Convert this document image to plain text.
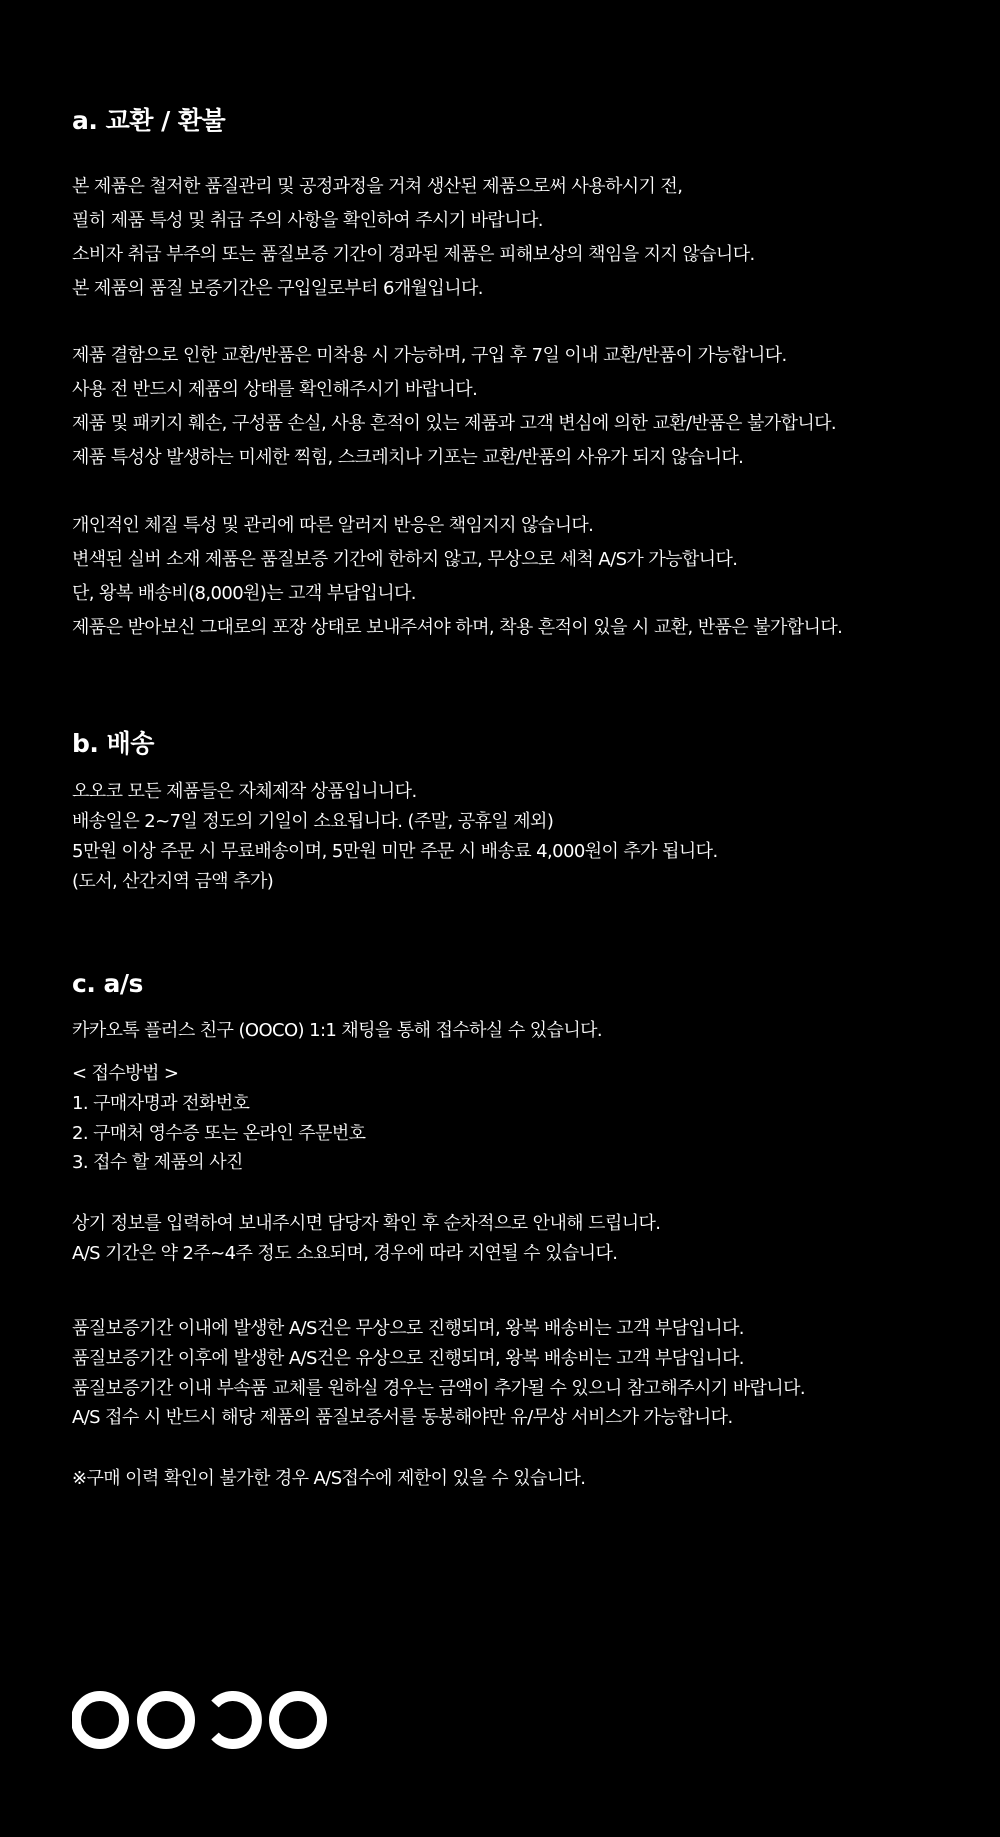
a. 교환 / 환불
본 제품은 철저한 품질관리 및 공정과정을 거쳐 생산된 제품으로써 사용하시기 전,
필히 제품 특성 및 취급 주의 사항을 확인하여 주시기 바랍니다.
소비자 취급 부주의 또는 품질보증 기간이 경과된 제품은 피해보상의 책임을 지지 않습니다.
본 제품의 품질 보증기간은 구입일로부터 6개월입니다.
제품 결함으로 인한 교환/반품은 미착용 시 가능하며, 구입 후 7일 이내 교환/반품이 가능합니다.
사용 전 반드시 제품의 상태를 확인해주시기 바랍니다.
제품 및 패키지 훼손, 구성품 손실, 사용 흔적이 있는 제품과 고객 변심에 의한 교환/반품은 불가합니다.
제품 특성상 발생하는 미세한 찍힘, 스크레치나 기포는 교환/반품의 사유가 되지 않습니다.
개인적인 체질 특성 및 관리에 따른 알러지 반응은 책임지지 않습니다.
변색된 실버 소재 제품은 품질보증 기간에 한하지 않고, 무상으로 세척 A/S가 가능합니다.
단, 왕복 배송비(8,000원)는 고객 부담입니다.
제품은 받아보신 그대로의 포장 상태로 보내주셔야 하며, 착용 흔적이 있을 시 교환, 반품은 불가합니다.
b. 배송
오오코 모든 제품들은 자체제작 상품입니니다.
배송일은 2~7일 정도의 기일이 소요됩니다. (주말, 공휴일 제외)
5만원 이상 주문 시 무료배송이며, 5만원 미만 주문 시 배송료 4,000원이 추가 됩니다.
(도서, 산간지역 금액 추가)
c. a/s
카카오톡 플러스 친구 (OOCO) 1:1 채팅을 통해 접수하실 수 있습니다.
< 접수방법 >
1. 구매자명과 전화번호
2. 구매처 영수증 또는 온라인 주문번호
3. 접수 할 제품의 사진
상기 정보를 입력하여 보내주시면 담당자 확인 후 순차적으로 안내해 드립니다.
A/S 기간은 약 2주~4주 정도 소요되며, 경우에 따라 지연될 수 있습니다.
품질보증기간 이내에 발생한 A/S건은 무상으로 진행되며, 왕복 배송비는 고객 부담입니다.
품질보증기간 이후에 발생한 A/S건은 유상으로 진행되며, 왕복 배송비는 고객 부담입니다.
품질보증기간 이내 부속품 교체를 원하실 경우는 금액이 추가될 수 있으니 참고해주시기 바랍니다.
A/S 접수 시 반드시 해당 제품의 품질보증서를 동봉해야만 유/무상 서비스가 가능합니다.
※구매 이력 확인이 불가한 경우 A/S접수에 제한이 있을 수 있습니다.
